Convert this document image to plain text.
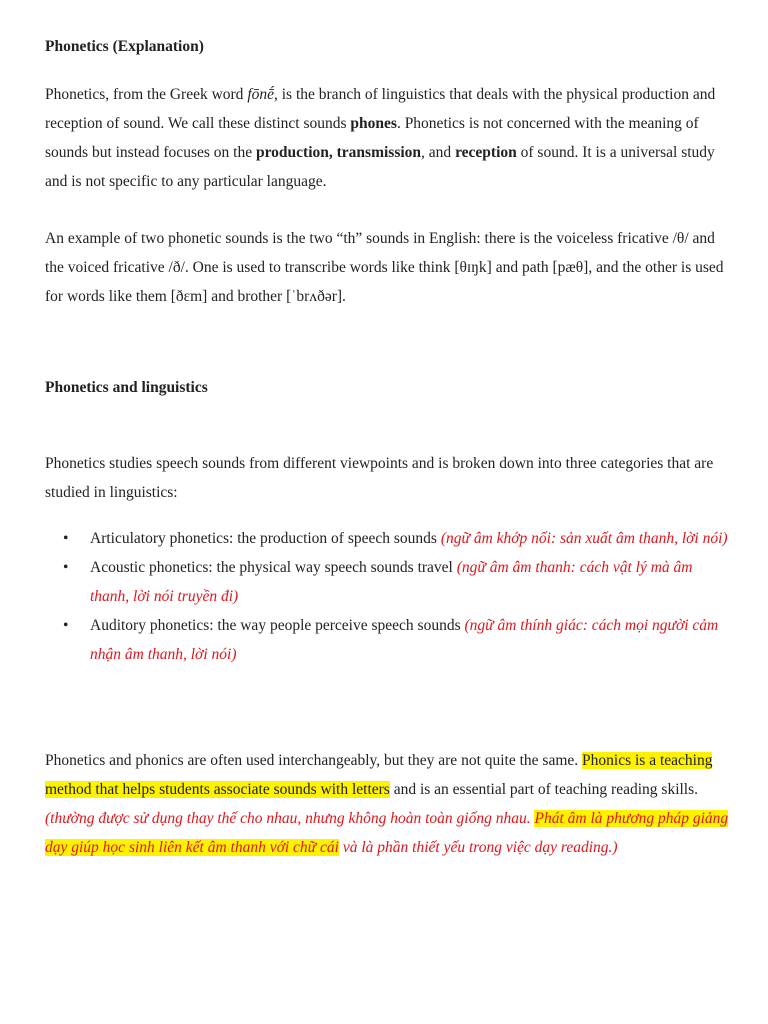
Phonetics (Explanation)

Phonetics, from the Greek word fōnḗ, is the branch of linguistics that deals with the physical production and reception of sound. We call these distinct sounds phones. Phonetics is not concerned with the meaning of sounds but instead focuses on the production, transmission, and reception of sound. It is a universal study and is not specific to any particular language.

An example of two phonetic sounds is the two “th” sounds in English: there is the voiceless fricative /θ/ and the voiced fricative /ð/. One is used to transcribe words like think [θɪŋk] and path [pæθ], and the other is used for words like them [ðɛm] and brother [ˈbrʌðər].

Phonetics and linguistics

Phonetics studies speech sounds from different viewpoints and is broken down into three categories that are studied in linguistics:

• Articulatory phonetics: the production of speech sounds (ngữ âm khớp nối: sản xuất âm thanh, lời nói)
• Acoustic phonetics: the physical way speech sounds travel (ngữ âm âm thanh: cách vật lý mà âm thanh, lời nói truyền đi)
• Auditory phonetics: the way people perceive speech sounds (ngữ âm thính giác: cách mọi người cảm nhận âm thanh, lời nói)

Phonetics and phonics are often used interchangeably, but they are not quite the same. Phonics is a teaching method that helps students associate sounds with letters and is an essential part of teaching reading skills. (thường được sử dụng thay thế cho nhau, nhưng không hoàn toàn giống nhau. Phát âm là phương pháp giảng dạy giúp học sinh liên kết âm thanh với chữ cái và là phần thiết yếu trong việc dạy reading.)
